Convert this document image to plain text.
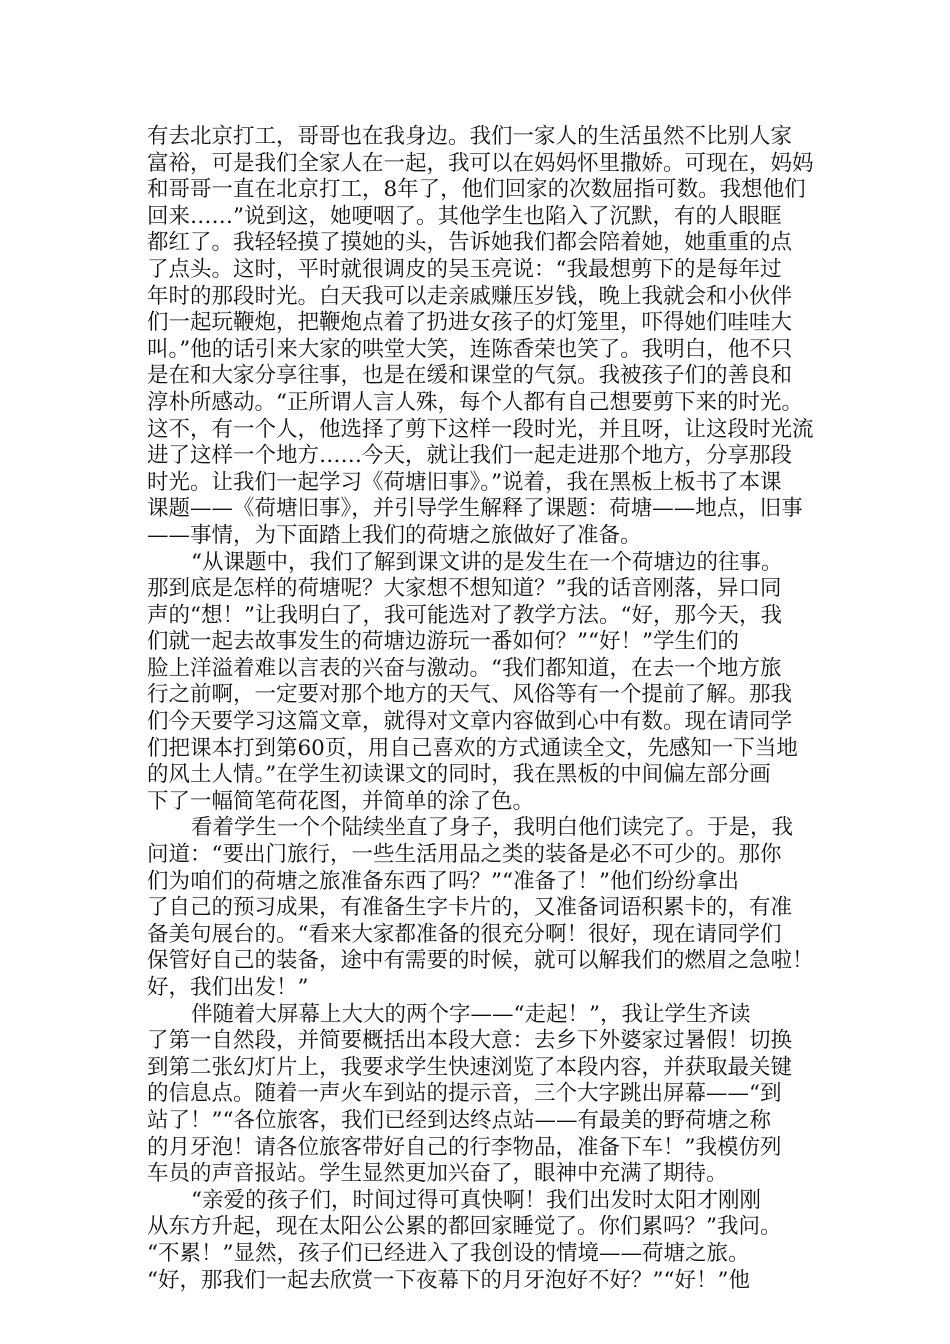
有去北京打工，哥哥也在我身边。我们一家人的生活虽然不比别人家
富裕，可是我们全家人在一起，我可以在妈妈怀里撒娇。可现在，妈妈
和哥哥一直在北京打工，8年了，他们回家的次数屈指可数。我想他们
回来……”说到这，她哽咽了。其他学生也陷入了沉默，有的人眼眶
都红了。我轻轻摸了摸她的头，告诉她我们都会陪着她，她重重的点
了点头。这时，平时就很调皮的吴玉亮说：“我最想剪下的是每年过
年时的那段时光。白天我可以走亲戚赚压岁钱，晚上我就会和小伙伴
们一起玩鞭炮，把鞭炮点着了扔进女孩子的灯笼里，吓得她们哇哇大
叫。”他的话引来大家的哄堂大笑，连陈香荣也笑了。我明白，他不只
是在和大家分享往事，也是在缓和课堂的气氛。我被孩子们的善良和
淳朴所感动。“正所谓人言人殊，每个人都有自己想要剪下来的时光。
这不，有一个人，他选择了剪下这样一段时光，并且呀，让这段时光流
进了这样一个地方……今天，就让我们一起走进那个地方，分享那段
时光。让我们一起学习《荷塘旧事》。”说着，我在黑板上板书了本课
课题——《荷塘旧事》，并引导学生解释了课题：荷塘——地点，旧事
——事情，为下面踏上我们的荷塘之旅做好了准备。
“从课题中，我们了解到课文讲的是发生在一个荷塘边的往事。
那到底是怎样的荷塘呢？大家想不想知道？”我的话音刚落，异口同
声的“想！”让我明白了，我可能选对了教学方法。“好，那今天，我
们就一起去故事发生的荷塘边游玩一番如何？”“好！”学生们的
脸上洋溢着难以言表的兴奋与激动。“我们都知道，在去一个地方旅
行之前啊，一定要对那个地方的天气、风俗等有一个提前了解。那我
们今天要学习这篇文章，就得对文章内容做到心中有数。现在请同学
们把课本打到第60页，用自己喜欢的方式通读全文，先感知一下当地
的风土人情。”在学生初读课文的同时，我在黑板的中间偏左部分画
下了一幅简笔荷花图，并简单的涂了色。
看着学生一个个陆续坐直了身子，我明白他们读完了。于是，我
问道：“要出门旅行，一些生活用品之类的装备是必不可少的。那你
们为咱们的荷塘之旅准备东西了吗？”“准备了！”他们纷纷拿出
了自己的预习成果，有准备生字卡片的，又准备词语积累卡的，有准
备美句展台的。“看来大家都准备的很充分啊！很好，现在请同学们
保管好自己的装备，途中有需要的时候，就可以解我们的燃眉之急啦！
好，我们出发！”
伴随着大屏幕上大大的两个字——“走起！”，我让学生齐读
了第一自然段，并简要概括出本段大意：去乡下外婆家过暑假！切换
到第二张幻灯片上，我要求学生快速浏览了本段内容，并获取最关键
的信息点。随着一声火车到站的提示音，三个大字跳出屏幕——“到
站了！”“各位旅客，我们已经到达终点站——有最美的野荷塘之称
的月牙泡！请各位旅客带好自己的行李物品，准备下车！”我模仿列
车员的声音报站。学生显然更加兴奋了，眼神中充满了期待。
“亲爱的孩子们，时间过得可真快啊！我们出发时太阳才刚刚
从东方升起，现在太阳公公累的都回家睡觉了。你们累吗？”我问。
“不累！”显然，孩子们已经进入了我创设的情境——荷塘之旅。
“好，那我们一起去欣赏一下夜幕下的月牙泡好不好？”“好！”他
